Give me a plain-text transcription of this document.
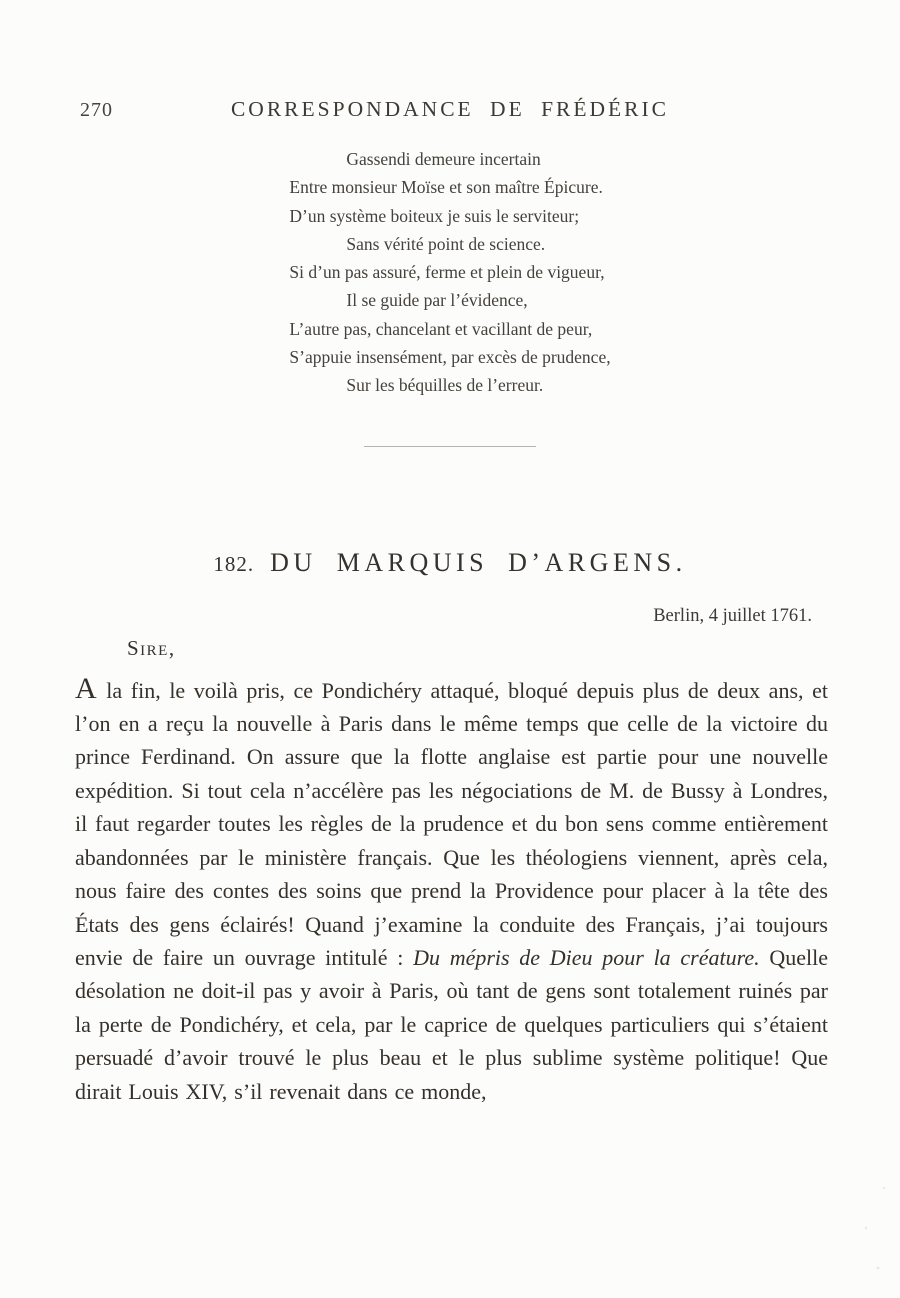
270	CORRESPONDANCE DE FRÉDÉRIC
Gassendi demeure incertain
Entre monsieur Moïse et son maître Épicure.
D’un système boiteux je suis le serviteur;
Sans vérité point de science.
Si d’un pas assuré, ferme et plein de vigueur,
Il se guide par l’évidence,
L’autre pas, chancelant et vacillant de peur,
S’appuie insensément, par excès de prudence,
Sur les béquilles de l’erreur.
182. DU MARQUIS D’ARGENS.
Berlin, 4 juillet 1761.
Sire,

A la fin, le voilà pris, ce Pondichéry attaqué, bloqué depuis plus de deux ans, et l’on en a reçu la nouvelle à Paris dans le même temps que celle de la victoire du prince Ferdinand. On assure que la flotte anglaise est partie pour une nouvelle expédition. Si tout cela n’accélère pas les négociations de M. de Bussy à Londres, il faut regarder toutes les règles de la prudence et du bon sens comme entièrement abandonnées par le ministère français. Que les théologiens viennent, après cela, nous faire des contes des soins que prend la Providence pour placer à la tête des États des gens éclairés! Quand j’examine la conduite des Français, j’ai toujours envie de faire un ouvrage intitulé : Du mépris de Dieu pour la créature. Quelle désolation ne doit-il pas y avoir à Paris, où tant de gens sont totalement ruinés par la perte de Pondichéry, et cela, par le caprice de quelques particuliers qui s’étaient persuadé d’avoir trouvé le plus beau et le plus sublime système politique! Que dirait Louis XIV, s’il revenait dans ce monde,
